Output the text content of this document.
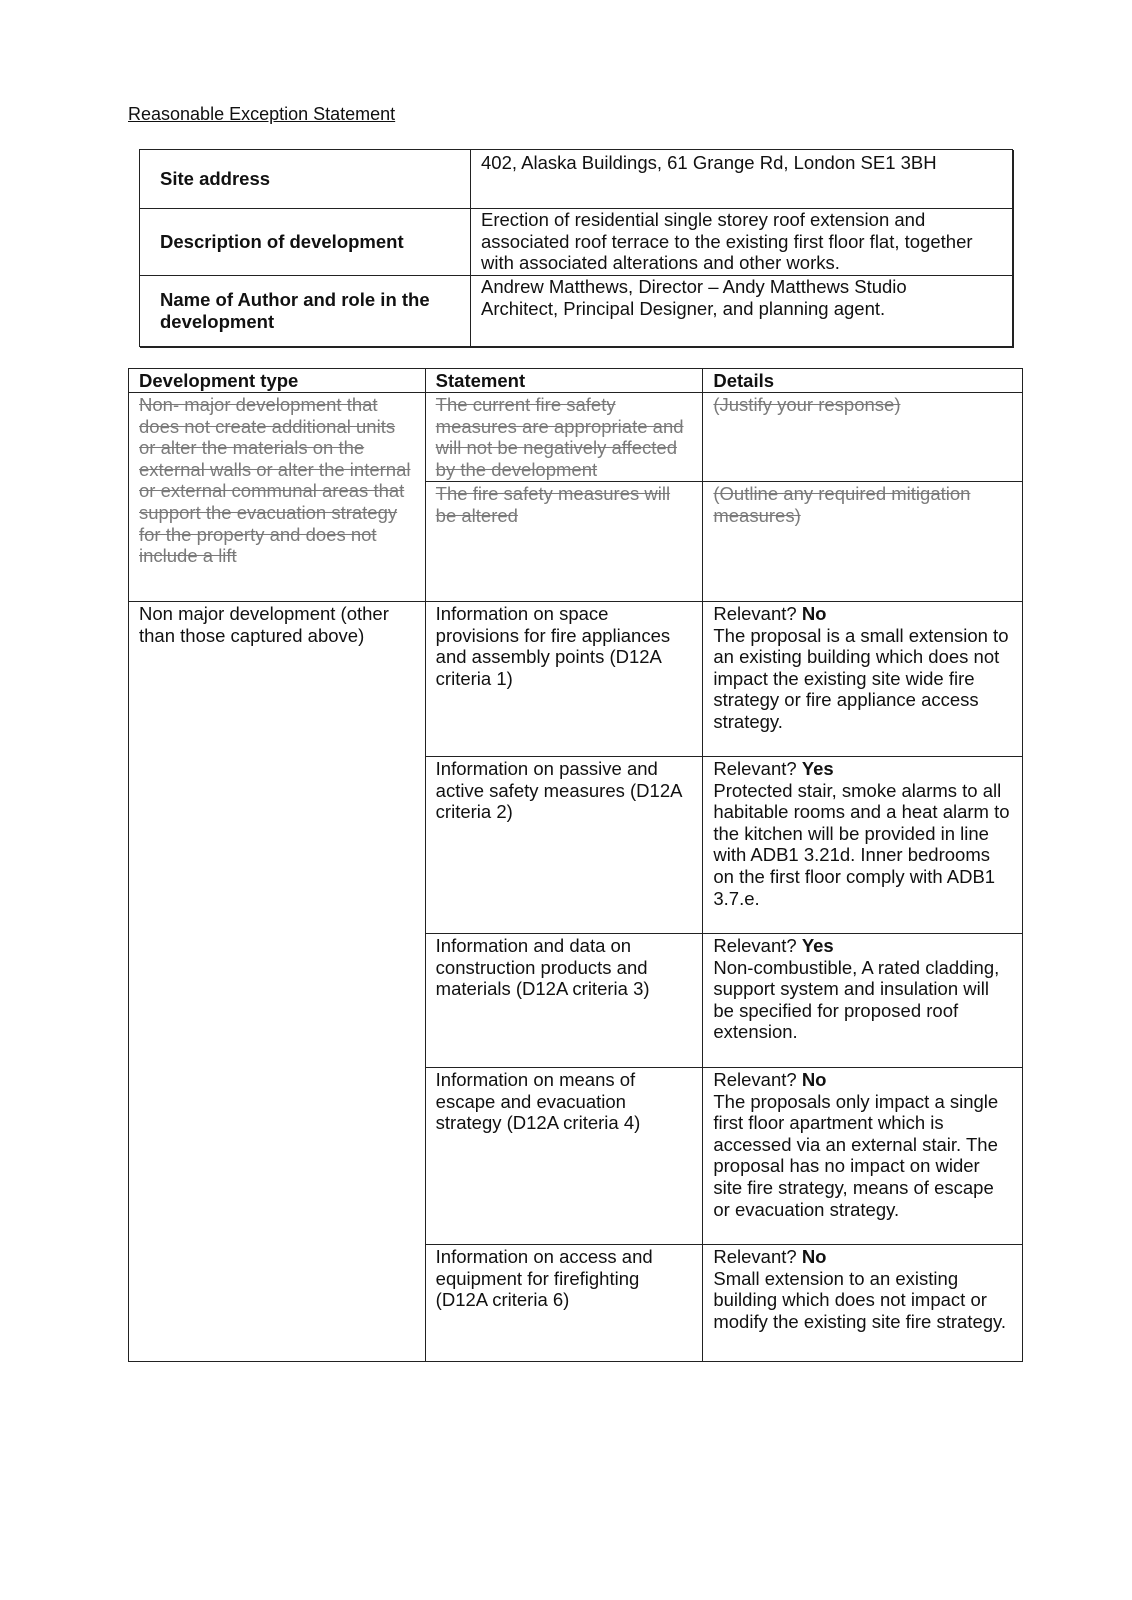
Reasonable Exception Statement
Site address	402, Alaska Buildings, 61 Grange Rd, London SE1 3BH
Description of development	Erection of residential single storey roof extension and associated roof terrace to the existing first floor flat, together with associated alterations and other works.
Name of Author and role in the development	Andrew Matthews, Director – Andy Matthews Studio
Architect, Principal Designer, and planning agent.
Development type	Statement	Details
Non- major development that does not create additional units or alter the materials on the external walls or alter the internal or external communal areas that support the evacuation strategy for the property and does not include a lift	The current fire safety measures are appropriate and will not be negatively affected by the development	(Justify your response)
	The fire safety measures will be altered	(Outline any required mitigation measures)
Non major development (other than those captured above)	Information on space provisions for fire appliances and assembly points (D12A criteria 1)	Relevant? No
The proposal is a small extension to an existing building which does not impact the existing site wide fire strategy or fire appliance access strategy.
	Information on passive and active safety measures (D12A criteria 2)	Relevant? Yes
Protected stair, smoke alarms to all habitable rooms and a heat alarm to the kitchen will be provided in line with ADB1 3.21d. Inner bedrooms on the first floor comply with ADB1 3.7.e.
	Information and data on construction products and materials (D12A criteria 3)	Relevant? Yes
Non-combustible, A rated cladding, support system and insulation will be specified for proposed roof extension.
	Information on means of escape and evacuation strategy (D12A criteria 4)	Relevant? No
The proposals only impact a single first floor apartment which is accessed via an external stair. The proposal has no impact on wider site fire strategy, means of escape or evacuation strategy.
	Information on access and equipment for firefighting (D12A criteria 6)	Relevant? No
Small extension to an existing building which does not impact or modify the existing site fire strategy.
